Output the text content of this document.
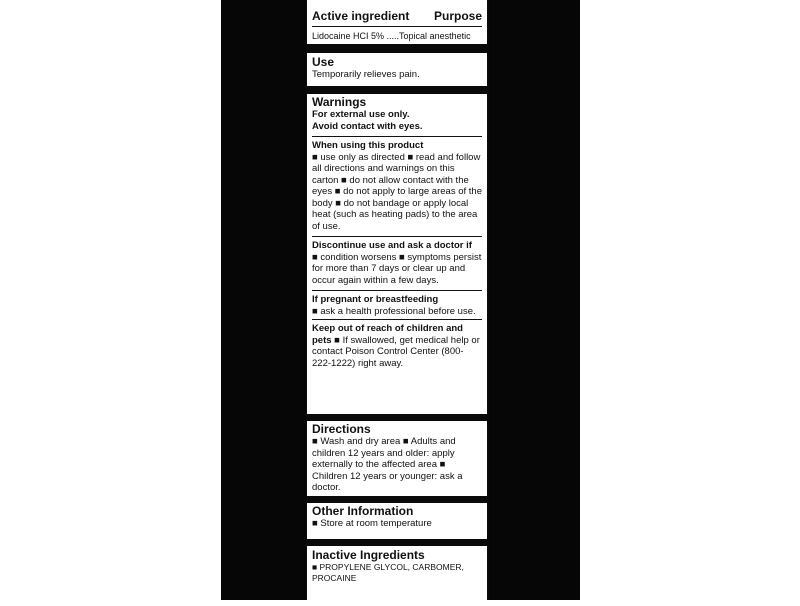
Active ingredient Purpose
Lidocaine HCI 5% .....Topical anesthetic
Use
Temporarily relieves pain.
Warnings
For external use only.
Avoid contact with eyes.
When using this product
■ use only as directed ■ read and follow all directions and warnings on this carton ■ do not allow contact with the eyes ■ do not apply to large areas of the body ■ do not bandage or apply local heat (such as heating pads) to the area of use.
Discontinue use and ask a doctor if
■ condition worsens ■ symptoms persist for more than 7 days or clear up and occur again within a few days.
If pregnant or breastfeeding
■ ask a health professional before use.
Keep out of reach of children and pets ■ If swallowed, get medical help or contact Poison Control Center (800-222-1222) right away.
Directions
■ Wash and dry area ■ Adults and children 12 years and older: apply externally to the affected area ■ Children 12 years or younger: ask a doctor.
Other Information
■ Store at room temperature
Inactive Ingredients
■ PROPYLENE GLYCOL, CARBOMER, PROCAINE
